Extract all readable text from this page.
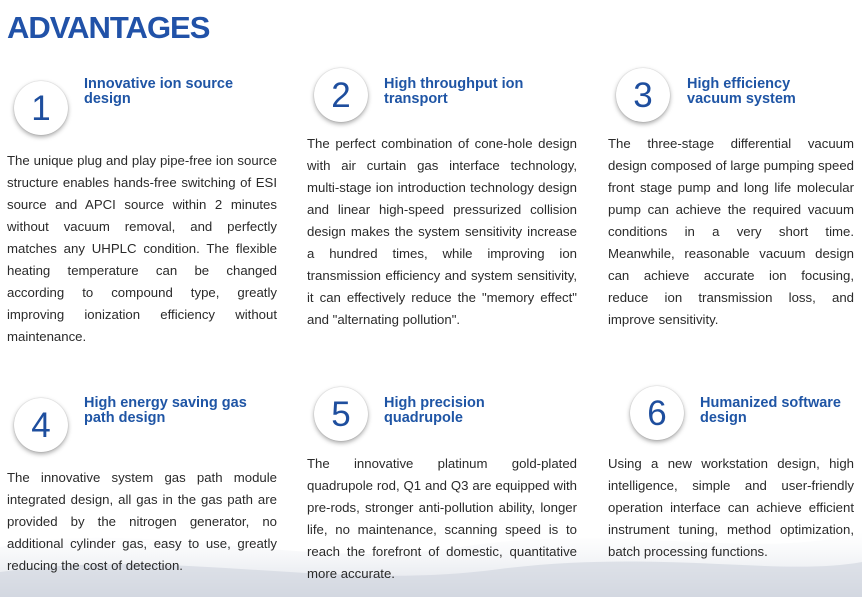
ADVANTAGES
1
Innovative ion source design

The unique plug and play pipe-free ion source structure enables hands-free switching of ESI source and APCI source within 2 minutes without vacuum removal, and perfectly matches any UHPLC condition. The flexible heating temperature can be changed according to compound type, greatly improving ionization efficiency without maintenance.

2	High throughput ion transport

The perfect combination of cone-hole design with air curtain gas interface technology, multi-stage ion introduction technology design and linear high-speed pressurized collision design makes the system sensitivity increase a hundred times, while improving ion transmission efficiency and system sensitivity, it can effectively reduce the "memory effect" and "alternating pollution".

3	High efficiency vacuum system

The three-stage differential vacuum design composed of large pumping speed front stage pump and long life molecular pump can achieve the required vacuum conditions in a very short time. Meanwhile, reasonable vacuum design can achieve accurate ion focusing, reduce ion transmission loss, and improve sensitivity.

4
High energy saving gas path design

The innovative system gas path module integrated design, all gas in the gas path are provided by the nitrogen generator, no additional cylinder gas, easy to use, greatly reducing the cost of detection.

5	High precision quadrupole

The innovative platinum gold-plated quadrupole rod, Q1 and Q3 are equipped with pre-rods, stronger anti-pollution ability, longer life, no maintenance, scanning speed is to reach the forefront of domestic, quantitative more accurate.

6	Humanized software design

Using a new workstation design, high intelligence, simple and user-friendly operation interface can achieve efficient instrument tuning, method optimization, batch processing functions.
